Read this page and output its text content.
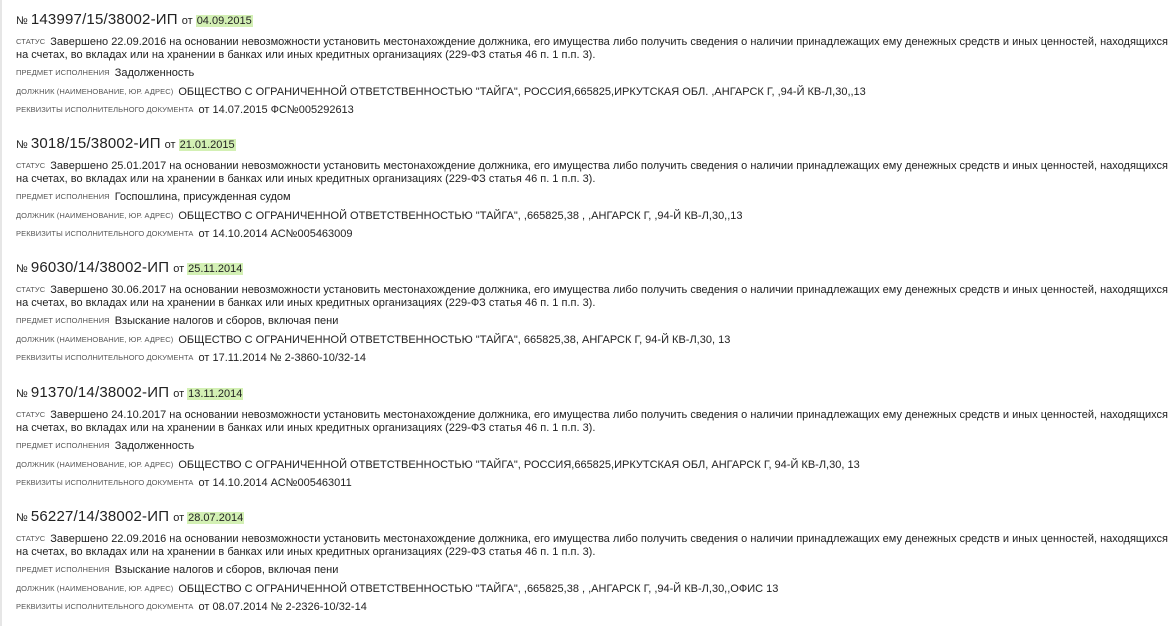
№ 143997/15/38002-ИП от 04.09.2015
СТАТУС Завершено 22.09.2016 на основании невозможности установить местонахождение должника, его имущества либо получить сведения о наличии принадлежащих ему денежных средств и иных ценностей, находящихся на счетах, во вкладах или на хранении в банках или иных кредитных организациях (229-ФЗ статья 46 п. 1 п.п. 3).
ПРЕДМЕТ ИСПОЛНЕНИЯ Задолженность
ДОЛЖНИК (НАИМЕНОВАНИЕ, ЮР. АДРЕС) ОБЩЕСТВО С ОГРАНИЧЕННОЙ ОТВЕТСТВЕННОСТЬЮ "ТАЙГА", РОССИЯ,665825,ИРКУТСКАЯ ОБЛ. ,АНГАРСК Г, ,94-Й КВ-Л,30,,13
РЕКВИЗИТЫ ИСПОЛНИТЕЛЬНОГО ДОКУМЕНТА от 14.07.2015 ФС№005292613
№ 3018/15/38002-ИП от 21.01.2015
СТАТУС Завершено 25.01.2017 на основании невозможности установить местонахождение должника, его имущества либо получить сведения о наличии принадлежащих ему денежных средств и иных ценностей, находящихся на счетах, во вкладах или на хранении в банках или иных кредитных организациях (229-ФЗ статья 46 п. 1 п.п. 3).
ПРЕДМЕТ ИСПОЛНЕНИЯ Госпошлина, присужденная судом
ДОЛЖНИК (НАИМЕНОВАНИЕ, ЮР. АДРЕС) ОБЩЕСТВО С ОГРАНИЧЕННОЙ ОТВЕТСТВЕННОСТЬЮ "ТАЙГА", ,665825,38 , ,АНГАРСК Г, ,94-Й КВ-Л,30,,13
РЕКВИЗИТЫ ИСПОЛНИТЕЛЬНОГО ДОКУМЕНТА от 14.10.2014 АС№005463009
№ 96030/14/38002-ИП от 25.11.2014
СТАТУС Завершено 30.06.2017 на основании невозможности установить местонахождение должника, его имущества либо получить сведения о наличии принадлежащих ему денежных средств и иных ценностей, находящихся на счетах, во вкладах или на хранении в банках или иных кредитных организациях (229-ФЗ статья 46 п. 1 п.п. 3).
ПРЕДМЕТ ИСПОЛНЕНИЯ Взыскание налогов и сборов, включая пени
ДОЛЖНИК (НАИМЕНОВАНИЕ, ЮР. АДРЕС) ОБЩЕСТВО С ОГРАНИЧЕННОЙ ОТВЕТСТВЕННОСТЬЮ "ТАЙГА", 665825,38, АНГАРСК Г, 94-Й КВ-Л,30, 13
РЕКВИЗИТЫ ИСПОЛНИТЕЛЬНОГО ДОКУМЕНТА от 17.11.2014 № 2-3860-10/32-14
№ 91370/14/38002-ИП от 13.11.2014
СТАТУС Завершено 24.10.2017 на основании невозможности установить местонахождение должника, его имущества либо получить сведения о наличии принадлежащих ему денежных средств и иных ценностей, находящихся на счетах, во вкладах или на хранении в банках или иных кредитных организациях (229-ФЗ статья 46 п. 1 п.п. 3).
ПРЕДМЕТ ИСПОЛНЕНИЯ Задолженность
ДОЛЖНИК (НАИМЕНОВАНИЕ, ЮР. АДРЕС) ОБЩЕСТВО С ОГРАНИЧЕННОЙ ОТВЕТСТВЕННОСТЬЮ "ТАЙГА", РОССИЯ,665825,ИРКУТСКАЯ ОБЛ, АНГАРСК Г, 94-Й КВ-Л,30, 13
РЕКВИЗИТЫ ИСПОЛНИТЕЛЬНОГО ДОКУМЕНТА от 14.10.2014 АС№005463011
№ 56227/14/38002-ИП от 28.07.2014
СТАТУС Завершено 22.09.2016 на основании невозможности установить местонахождение должника, его имущества либо получить сведения о наличии принадлежащих ему денежных средств и иных ценностей, находящихся на счетах, во вкладах или на хранении в банках или иных кредитных организациях (229-ФЗ статья 46 п. 1 п.п. 3).
ПРЕДМЕТ ИСПОЛНЕНИЯ Взыскание налогов и сборов, включая пени
ДОЛЖНИК (НАИМЕНОВАНИЕ, ЮР. АДРЕС) ОБЩЕСТВО С ОГРАНИЧЕННОЙ ОТВЕТСТВЕННОСТЬЮ "ТАЙГА", ,665825,38 , ,АНГАРСК Г, ,94-Й КВ-Л,30,,ОФИС 13
РЕКВИЗИТЫ ИСПОЛНИТЕЛЬНОГО ДОКУМЕНТА от 08.07.2014 № 2-2326-10/32-14
